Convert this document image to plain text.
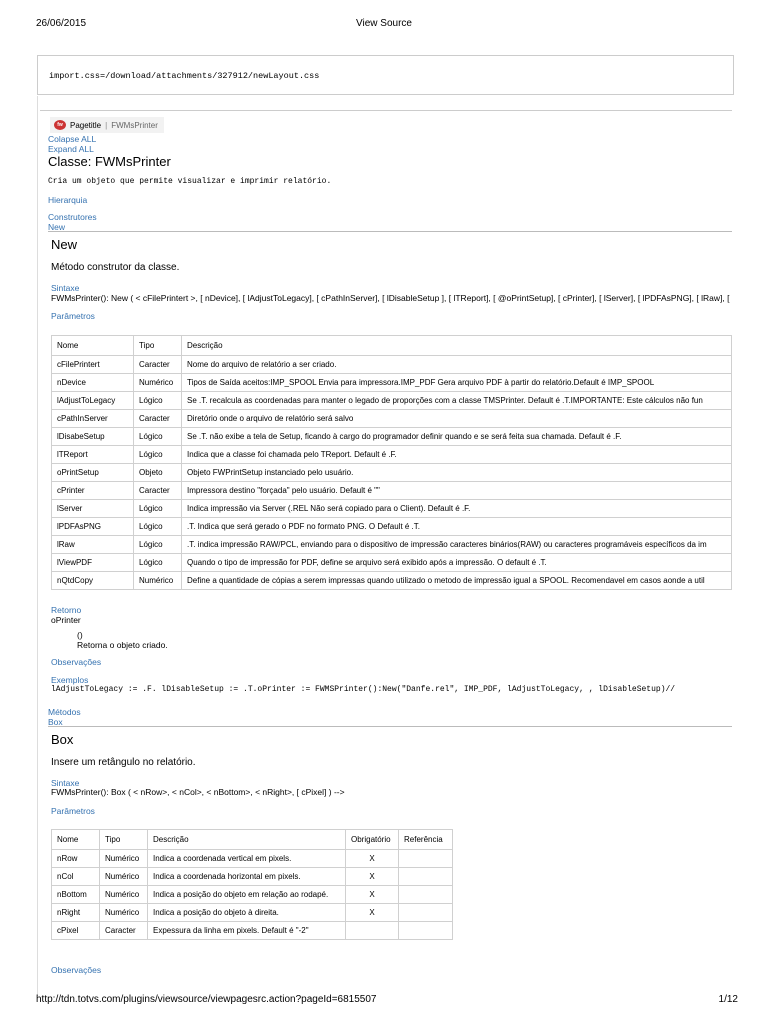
26/06/2015	View Source
import.css=/download/attachments/327912/newLayout.css
fw Pagetitle | FWMsPrinter
Colapse ALL
Expand ALL
Classe: FWMsPrinter
Cria um objeto que permite visualizar e imprimir relatório.
Hierarquia
Construtores
New
New
Método construtor da classe.
Sintaxe
FWMsPrinter(): New ( < cFilePrintert >, [ nDevice], [ lAdjustToLegacy], [ cPathInServer], [ lDisableSetup ], [ lTReport], [ @oPrintSetup], [ cPrinter], [ lServer], [ lPDFAsPNG], [ lRaw], [
Parâmetros
Nome	Tipo	Descrição
cFilePrintert	Caracter	Nome do arquivo de relatório a ser criado.
nDevice	Numérico	Tipos de Saída aceitos:IMP_SPOOL Envia para impressora.IMP_PDF Gera arquivo PDF à partir do relatório.Default é IMP_SPOOL
lAdjustToLegacy	Lógico	Se .T. recalcula as coordenadas para manter o legado de proporções com a classe TMSPrinter. Default é .T.IMPORTANTE: Este cálculos não fun
cPathInServer	Caracter	Diretório onde o arquivo de relatório será salvo
lDisabeSetup	Lógico	Se .T. não exibe a tela de Setup, ficando à cargo do programador definir quando e se será feita sua chamada. Default é .F.
lTReport	Lógico	Indica que a classe foi chamada pelo TReport. Default é .F.
oPrintSetup	Objeto	Objeto FWPrintSetup instanciado pelo usuário.
cPrinter	Caracter	Impressora destino "forçada" pelo usuário. Default é ""
lServer	Lógico	Indica impressão via Server (.REL Não será copiado para o Client). Default é .F.
lPDFAsPNG	Lógico	.T. Indica que será gerado o PDF no formato PNG. O Default é .T.
lRaw	Lógico	.T. indica impressão RAW/PCL, enviando para o dispositivo de impressão caracteres binários(RAW) ou caracteres programáveis específicos da im
lViewPDF	Lógico	Quando o tipo de impressão for PDF, define se arquivo será exibido após a impressão. O default é .T.
nQtdCopy	Numérico	Define a quantidade de cópias a serem impressas quando utilizado o metodo de impressão igual a SPOOL. Recomendavel em casos aonde a util
Retorno
oPrinter
()
Retorna o objeto criado.
Observações
Exemplos
lAdjustToLegacy := .F. lDisableSetup := .T.oPrinter := FWMSPrinter():New("Danfe.rel", IMP_PDF, lAdjustToLegacy, , lDisableSetup)//
Métodos
Box
Box
Insere um retângulo no relatório.
Sintaxe
FWMsPrinter(): Box ( < nRow>, < nCol>, < nBottom>, < nRight>, [ cPixel] ) -->
Parâmetros
Observações
Nome	Tipo	Descrição	Obrigatório	Referência
nRow	Numérico	Indica a coordenada vertical em pixels.	X	
nCol	Numérico	Indica a coordenada horizontal em pixels.	X	
nBottom	Numérico	Indica a posição do objeto em relação ao rodapé.	X	
nRight	Numérico	Indica a posição do objeto à direita.	X	
cPixel	Caracter	Expessura da linha em pixels. Default é "-2"		
http://tdn.totvs.com/plugins/viewsource/viewpagesrc.action?pageId=6815507	1/12
